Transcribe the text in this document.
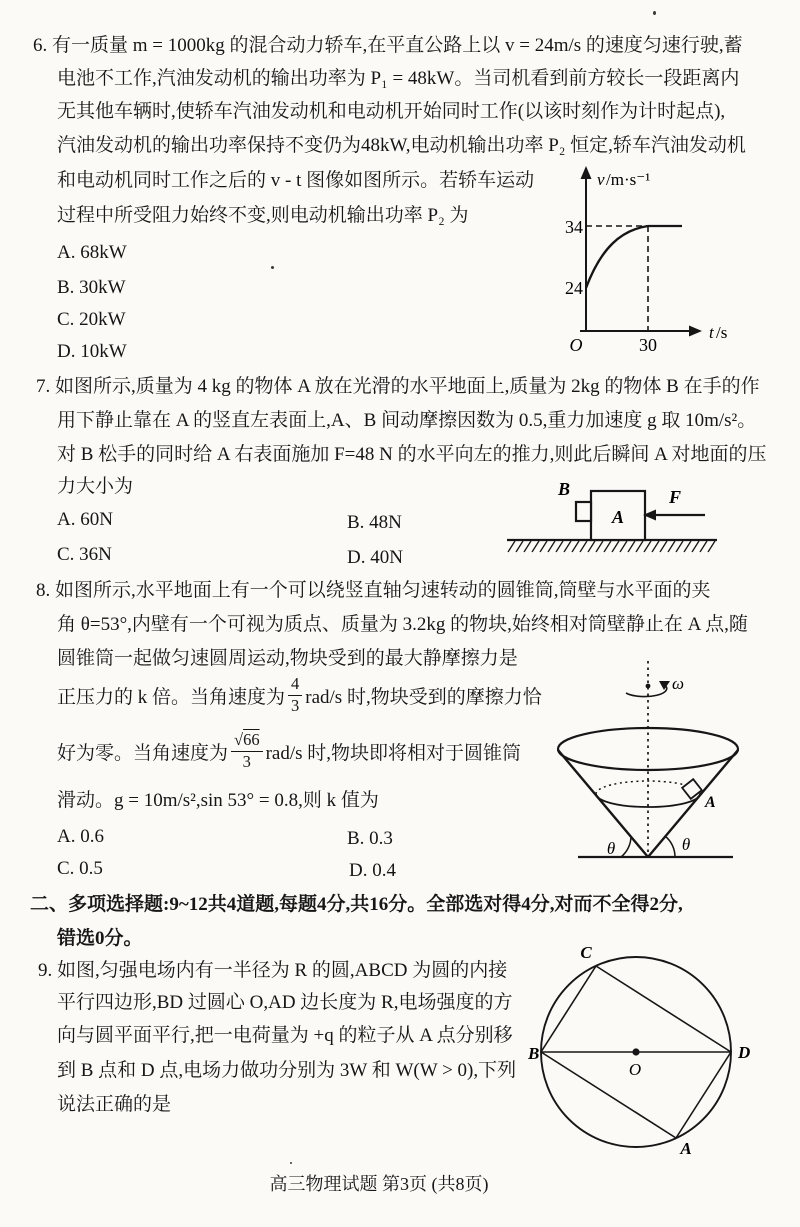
6. 有一质量 m = 1000kg 的混合动力轿车,在平直公路上以 v = 24m/s 的速度匀速行驶,蓄
电池不工作,汽油发动机的输出功率为 P₁ = 48kW。当司机看到前方较长一段距离内
无其他车辆时,使轿车汽油发动机和电动机开始同时工作(以该时刻作为计时起点),
汽油发动机的输出功率保持不变仍为48kW,电动机输出功率 P₂ 恒定,轿车汽油发动机
和电动机同时工作之后的 v - t 图像如图所示。若轿车运动
过程中所受阻力始终不变,则电动机输出功率 P₂ 为
A. 68kW
B. 30kW
C. 20kW
D. 10kW
v /m·s⁻¹
34
24
30
O
t /s
7. 如图所示,质量为 4 kg 的物体 A 放在光滑的水平地面上,质量为 2kg 的物体 B 在手的作
用下静止靠在 A 的竖直左表面上,A、B 间动摩擦因数为 0.5,重力加速度 g 取 10m/s²。
对 B 松手的同时给 A 右表面施加 F=48 N 的水平向左的推力,则此后瞬间 A 对地面的压
力大小为
A. 60N	B. 48N
C. 36N	D. 40N
A
B	F
8. 如图所示,水平地面上有一个可以绕竖直轴匀速转动的圆锥筒,筒壁与水平面的夹
角 θ=53°,内壁有一个可视为质点、质量为 3.2kg 的物块,始终相对筒壁静止在 A 点,随
圆锥筒一起做匀速圆周运动,物块受到的最大静摩擦力是
正压力的 k 倍。当角速度为 $\frac{4}{3} rad/s$ 时,物块受到的摩擦力恰
好为零。当角速度为 $\frac{√66}{3} rad/s$ 时,物块即将相对于圆锥筒
滑动。g = 10m/s²,sin 53° = 0.8,则 k 值为
A. 0.6	B. 0.3
C. 0.5	D. 0.4
ω
A
θ	θ
二、多项选择题:9~12共4道题,每题4分,共16分。全部选对得4分,对而不全得2分,
错选0分。
9. 如图,匀强电场内有一半径为 R 的圆,ABCD 为圆的内接
平行四边形,BD 过圆心 O,AD 边长度为 R,电场强度的方
向与圆平面平行,把一电荷量为 +q 的粒子从 A 点分别移
到 B 点和 D 点,电场力做功分别为 3W 和 W(W > 0),下列
说法正确的是
B	D
C
A
O
高三物理试题 第3页 (共8页)
